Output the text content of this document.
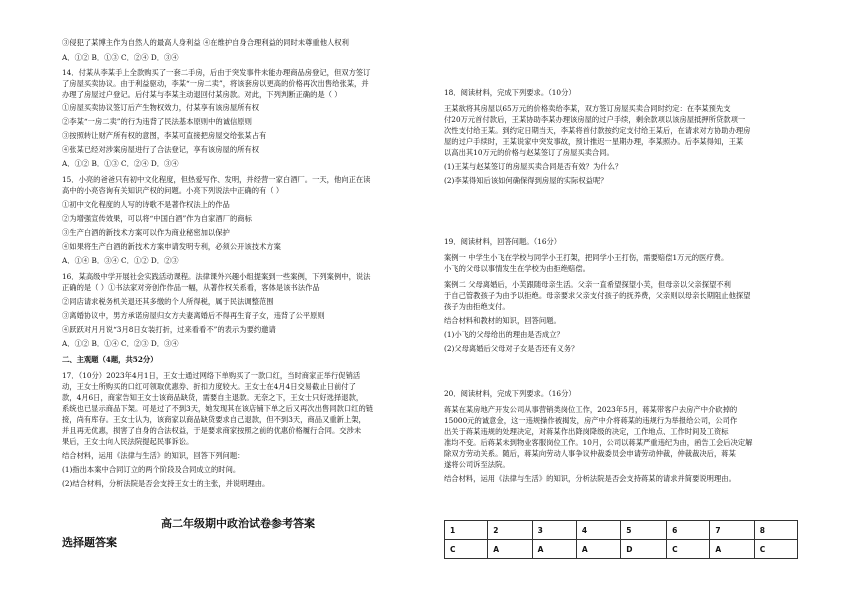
高二年级期中政治试卷参考答案
选择题答案
1	2	3	4	5	6	7	8
C	A	A	A	D	C	A	C
③侵犯了某博主作为自然人的最高人身利益 ④在维护自身合理利益的同时未尊重他人权利
A．①② B．①③ C．②④ D．③④
14．付某从李某手上全款购买了一套二手房，后由于突发事件未能办理商品房登记，但双方签订
了房屋买卖协议。由于利益驱动，李某“一房二卖”，将该套房以更高的价格再次出售给张某，并
办理了房屋过户登记。后付某与李某主动退回付某房款。对此，下列判断正确的是（ ）
①房屋买卖协议签订后产生物权效力，付某享有该房屋所有权
②李某“一房二卖”的行为违背了民法基本原则中的诚信原则
③按照转让财产所有权的意图，李某可直接把房屋交给张某占有
④张某已经对涉案房屋进行了合法登记，享有该房屋的所有权
A．①② B．①③ C．②④ D．③④
15．小亮的爸爸只有初中文化程度，但热爱写作、发明，并经营一家白酒厂。一天，他向正在读
高中的小亮咨询有关知识产权的问题。小亮下列说法中正确的有（ ）
①初中文化程度的人写的诗歌不是著作权法上的作品
②为增强宣传效果，可以将“中国白酒”作为自家酒厂的商标
③生产白酒的新技术方案可以作为商业秘密加以保护
④如果将生产白酒的新技术方案申请发明专利，必须公开该技术方案
A．①④ B．③④ C．①② D．②③
16．某高级中学开展社会实践活动课程。法律课外兴趣小组提案到一些案例，下列案例中，说法
正确的是（ ）①书法家对旁创作作品一幅，从著作权关系看，客体是该书法作品
②同店请求税务机关退还其多缴的个人所得税，属于民法调整范围
③离婚协议中，男方承诺房屋归女方夫妻离婚后不得再生育子女，违背了公平原则
④跃跃对月月说“3月8日女装打折，过来看看不”的表示为要约邀请
A．①② B．①④ C．②③ D．③④
二、主观题（4题，共52分）
17．（10分）2023年4月1日，王女士通过网络下单购买了一款口红，当时商家正举行促销活
动，王女士所购买的口红可领取优惠券、折扣力度较大。王女士在4月4日交易截止日前付了
款，4月6日，商家告知王女士该商品缺货，需要自主退款。无奈之下，王女士只好选择退款，
系统也已显示商品下架。可是过了不到3天，她发现其在该店铺下单之后又再次出售同款口红的链
接，尚有库存。王女士认为，该商家以商品缺货要求自己退款，但不到3天，商品又重新上架，
并且再无优惠，损害了自身的合法权益，于是要求商家按照之前的优惠价格履行合同。交涉未
果后，王女士向人民法院提起民事诉讼。
结合材料，运用《法律与生活》的知识，回答下列问题：
(1)指出本案中合同订立的两个阶段及合同成立的时间。
(2)结合材料，分析法院是否会支持王女士的主张，并说明理由。
18．阅读材料，完成下列要求。（10分）
王某欲将其房屋以65万元的价格卖给李某，双方签订房屋买卖合同时约定：在李某预先支
付20万元首付款后，王某协助李某办理该房屋的过户手续，剩余款项以该房屋抵押所贷款项一
次性支付给王某。到约定日期当天，李某将首付款按约定支付给王某后，在请求对方协助办理房
屋的过户手续时，王某说家中突发事故，预计推迟一星期办理，李某照办。后李某得知，王某
以高出其10万元的价格与赵某签订了房屋买卖合同。
(1)王某与赵某签订的房屋买卖合同是否有效？为什么？
(2)李某得知后该如何确保得到房屋的实际权益呢？
19．阅读材料，回答问题。（16分）
案例一 中学生小飞在学校与同学小王打架，把同学小王打伤，需要赔偿1万元的医疗费。
小飞的父母以事情发生在学校为由拒绝赔偿。
案例二 父母离婚后，小芙跟随母亲生活。父亲一直希望探望小芙，但母亲以父亲探望不利
于自己管教孩子为由予以拒绝。母亲要求父亲支付孩子的抚养费，父亲则以母亲长期阻止他探望
孩子为由拒绝支付。
结合材料和教材的知识，回答问题。
(1)小飞的父母给出的理由是否成立？
(2)父母离婚后父母对子女是否还有义务？
20．阅读材料，完成下列要求。（16分）
蒋某在某房地产开发公司从事营销类岗位工作，2023年5月，蒋某带客户去房产中介砍掉的
15000元的诚意金，这一违规操作被揭发，房产中介将蒋某的违规行为举报给公司，公司作
出关于蒋某违规的处理决定，对蒋某作出降岗降级的决定，工作地点、工作时间及工资标
准均不变。后蒋某未到物业客服岗位工作。10月，公司以蒋某严重违纪为由，函告工会后决定解
除双方劳动关系。随后，蒋某向劳动人事争议仲裁委员会申请劳动仲裁，仲裁裁决后，蒋某
遂将公司诉至法院。
结合材料，运用《法律与生活》的知识，分析法院是否会支持蒋某的请求并简要说明理由。
